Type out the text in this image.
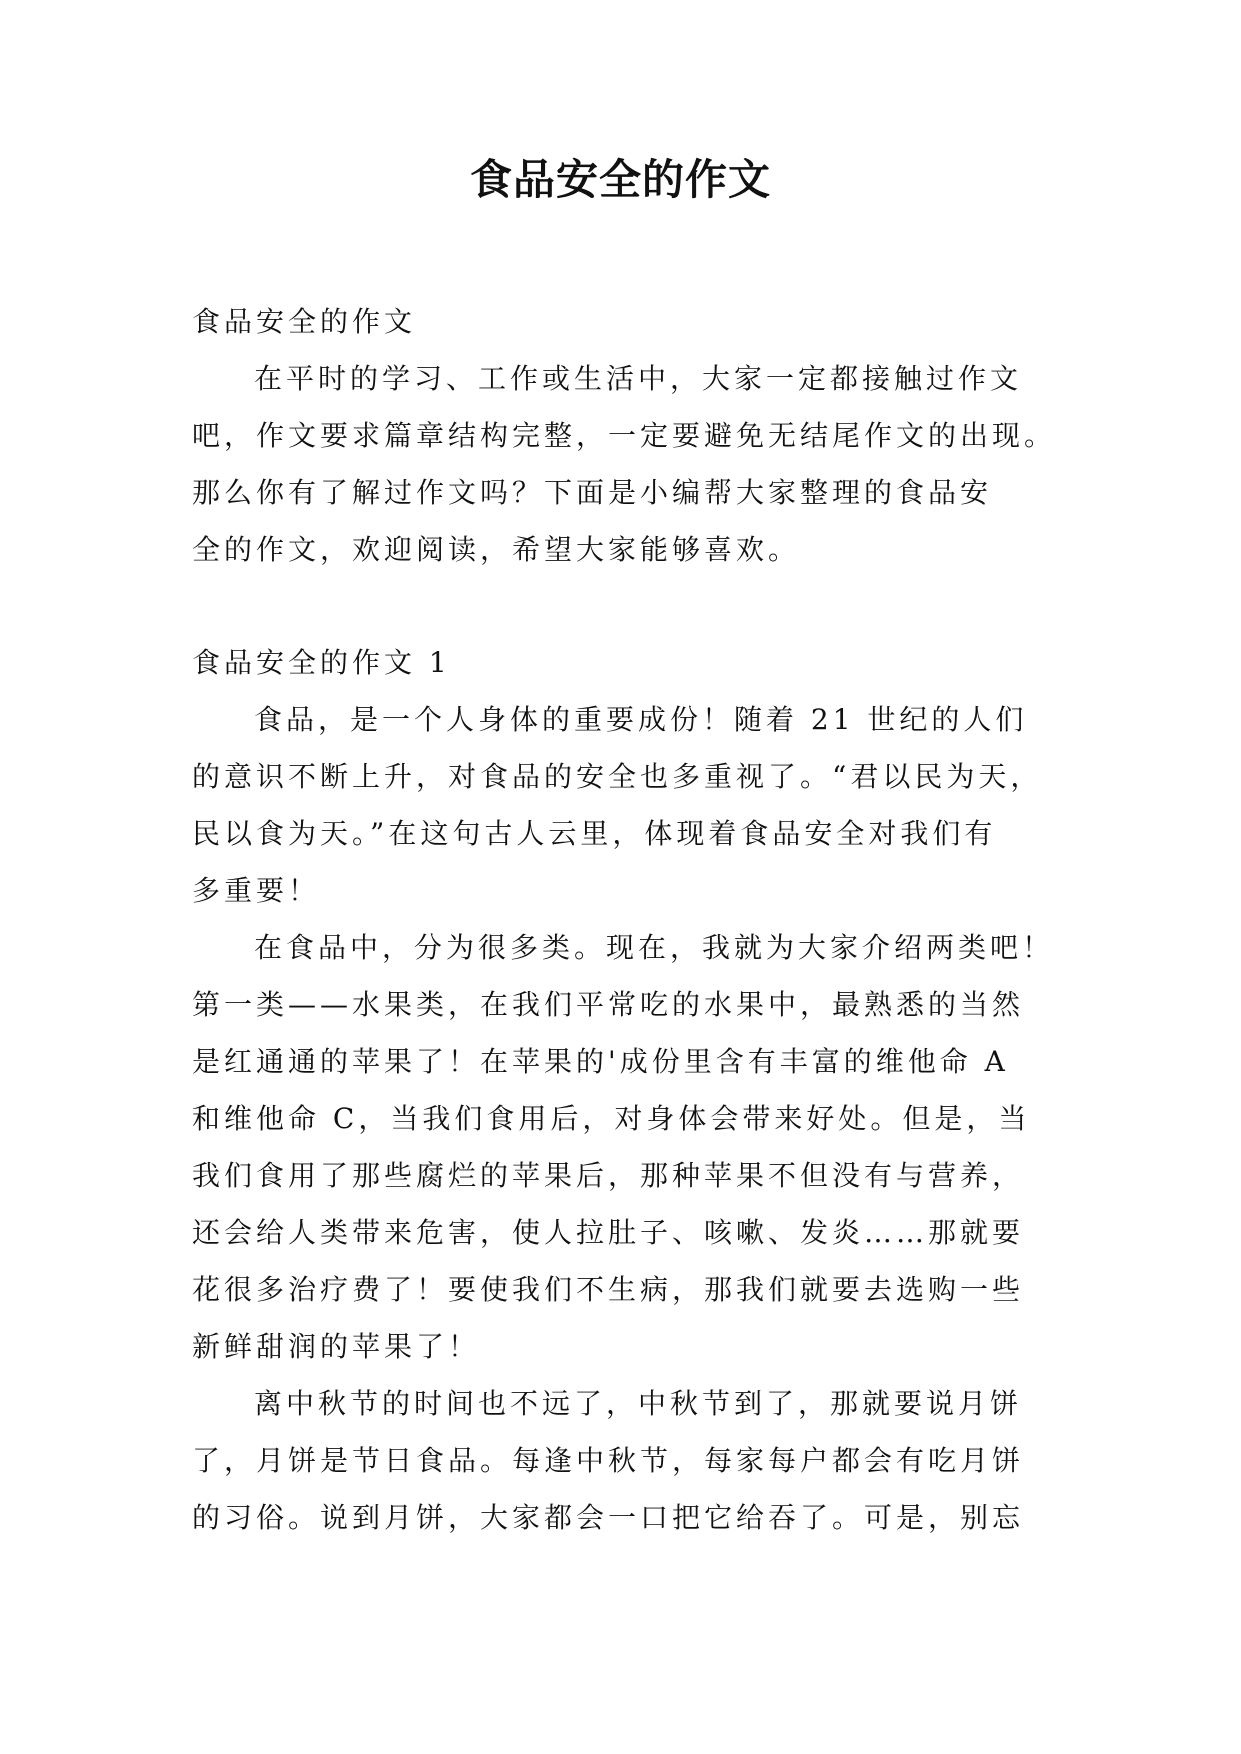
食品安全的作文
食品安全的作文
在平时的学习、工作或生活中，大家一定都接触过作文
吧，作文要求篇章结构完整，一定要避免无结尾作文的出现。
那么你有了解过作文吗？下面是小编帮大家整理的食品安
全的作文，欢迎阅读，希望大家能够喜欢。
食品安全的作文 1
食品，是一个人身体的重要成份！随着 21 世纪的人们
的意识不断上升，对食品的安全也多重视了。“君以民为天，
民以食为天。”在这句古人云里，体现着食品安全对我们有
多重要！
在食品中，分为很多类。现在，我就为大家介绍两类吧！
第一类——水果类，在我们平常吃的水果中，最熟悉的当然
是红通通的苹果了！在苹果的'成份里含有丰富的维他命 A
和维他命 C，当我们食用后，对身体会带来好处。但是，当
我们食用了那些腐烂的苹果后，那种苹果不但没有与营养，
还会给人类带来危害，使人拉肚子、咳嗽、发炎……那就要
花很多治疗费了！要使我们不生病，那我们就要去选购一些
新鲜甜润的苹果了！
离中秋节的时间也不远了，中秋节到了，那就要说月饼
了，月饼是节日食品。每逢中秋节，每家每户都会有吃月饼
的习俗。说到月饼，大家都会一口把它给吞了。可是，别忘
